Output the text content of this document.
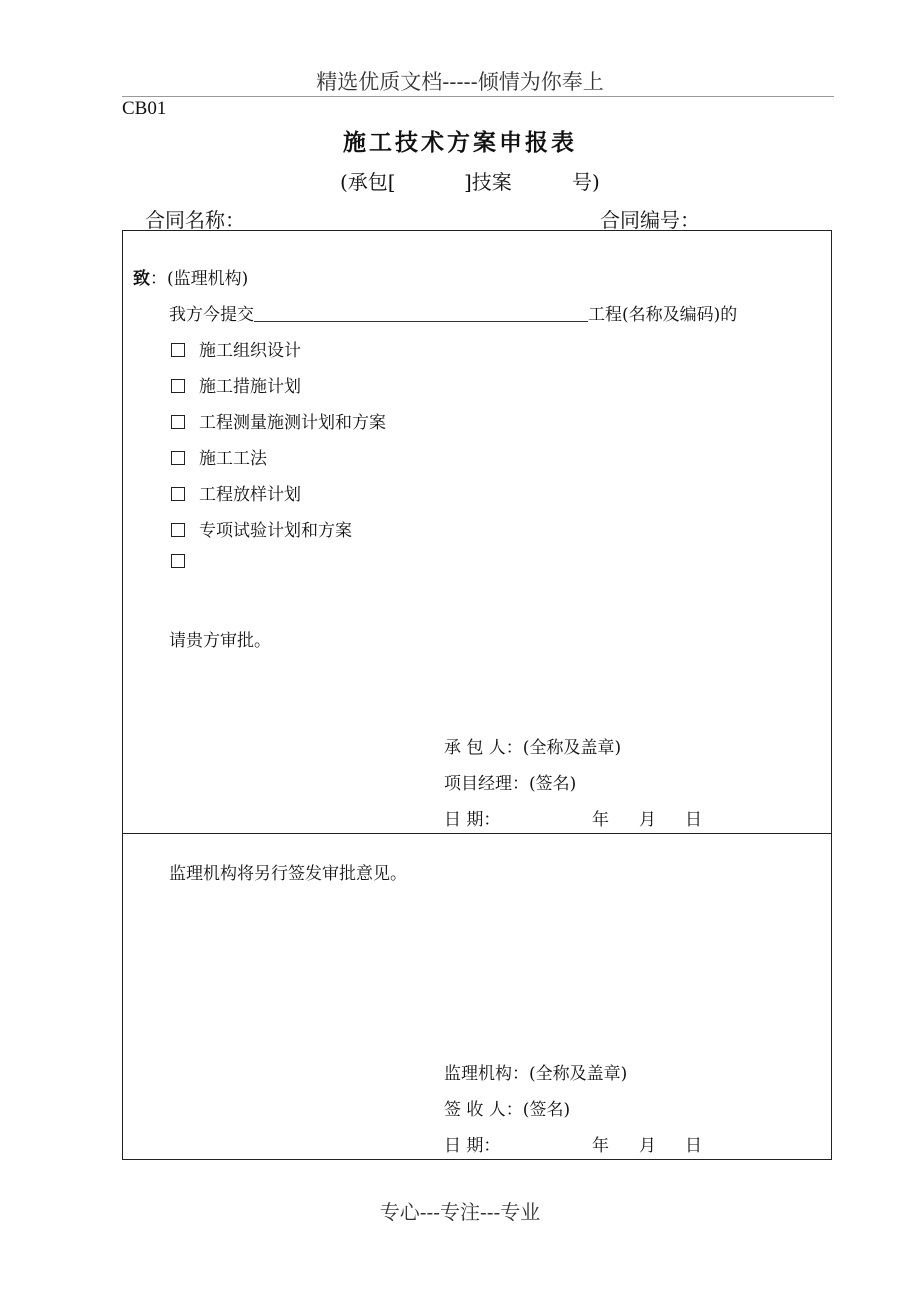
精选优质文档-----倾情为你奉上
CB01
施工技术方案申报表
(承包[	]技案	号)
合同名称：	合同编号：
致：(监理机构)
我方今提交	工程(名称及编码)的
施工组织设计
施工措施计划
工程测量施测计划和方案
施工工法
工程放样计划
专项试验计划和方案
请贵方审批。
承 包 人：(全称及盖章)
项目经理：(签名)
日 期：	年 月 日
监理机构将另行签发审批意见。
监理机构：(全称及盖章)
签 收 人：(签名)
日 期：	年 月 日
专心---专注---专业
